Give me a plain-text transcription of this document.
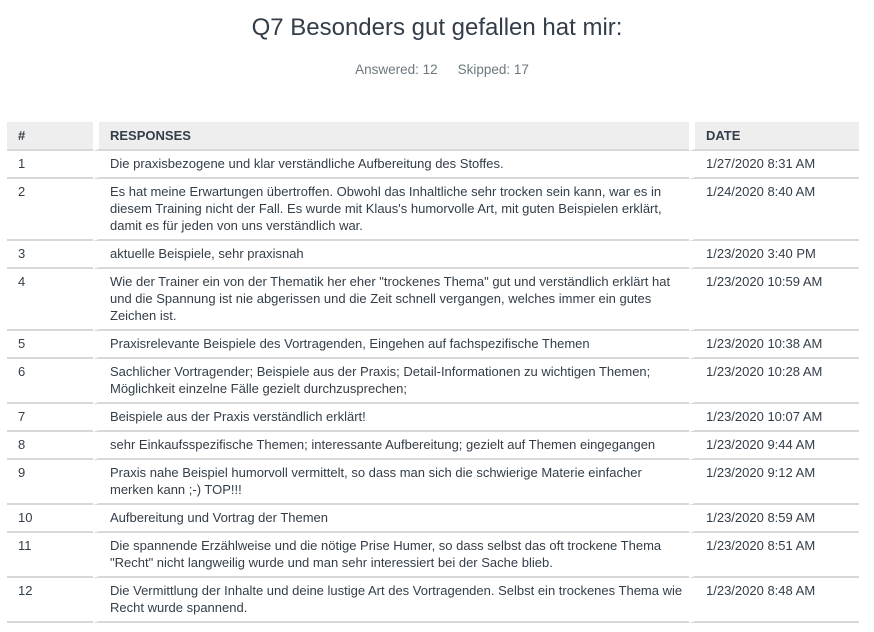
Q7 Besonders gut gefallen hat mir:
Answered: 12 Skipped: 17
#	RESPONSES	DATE
1	Die praxisbezogene und klar verständliche Aufbereitung des Stoffes.	1/27/2020 8:31 AM
2	Es hat meine Erwartungen übertroffen. Obwohl das Inhaltliche sehr trocken sein kann, war es in diesem Training nicht der Fall. Es wurde mit Klaus's humorvolle Art, mit guten Beispielen erklärt, damit es für jeden von uns verständlich war.	1/24/2020 8:40 AM
3	aktuelle Beispiele, sehr praxisnah	1/23/2020 3:40 PM
4	Wie der Trainer ein von der Thematik her eher "trockenes Thema" gut und verständlich erklärt hat und die Spannung ist nie abgerissen und die Zeit schnell vergangen, welches immer ein gutes Zeichen ist.	1/23/2020 10:59 AM
5	Praxisrelevante Beispiele des Vortragenden, Eingehen auf fachspezifische Themen	1/23/2020 10:38 AM
6	Sachlicher Vortragender; Beispiele aus der Praxis; Detail-Informationen zu wichtigen Themen; Möglichkeit einzelne Fälle gezielt durchzusprechen;	1/23/2020 10:28 AM
7	Beispiele aus der Praxis verständlich erklärt!	1/23/2020 10:07 AM
8	sehr Einkaufsspezifische Themen; interessante Aufbereitung; gezielt auf Themen eingegangen	1/23/2020 9:44 AM
9	Praxis nahe Beispiel humorvoll vermittelt, so dass man sich die schwierige Materie einfacher merken kann ;-) TOP!!!	1/23/2020 9:12 AM
10	Aufbereitung und Vortrag der Themen	1/23/2020 8:59 AM
11	Die spannende Erzählweise und die nötige Prise Humer, so dass selbst das oft trockene Thema "Recht" nicht langweilig wurde und man sehr interessiert bei der Sache blieb.	1/23/2020 8:51 AM
12	Die Vermittlung der Inhalte und deine lustige Art des Vortragenden. Selbst ein trockenes Thema wie Recht wurde spannend.	1/23/2020 8:48 AM
